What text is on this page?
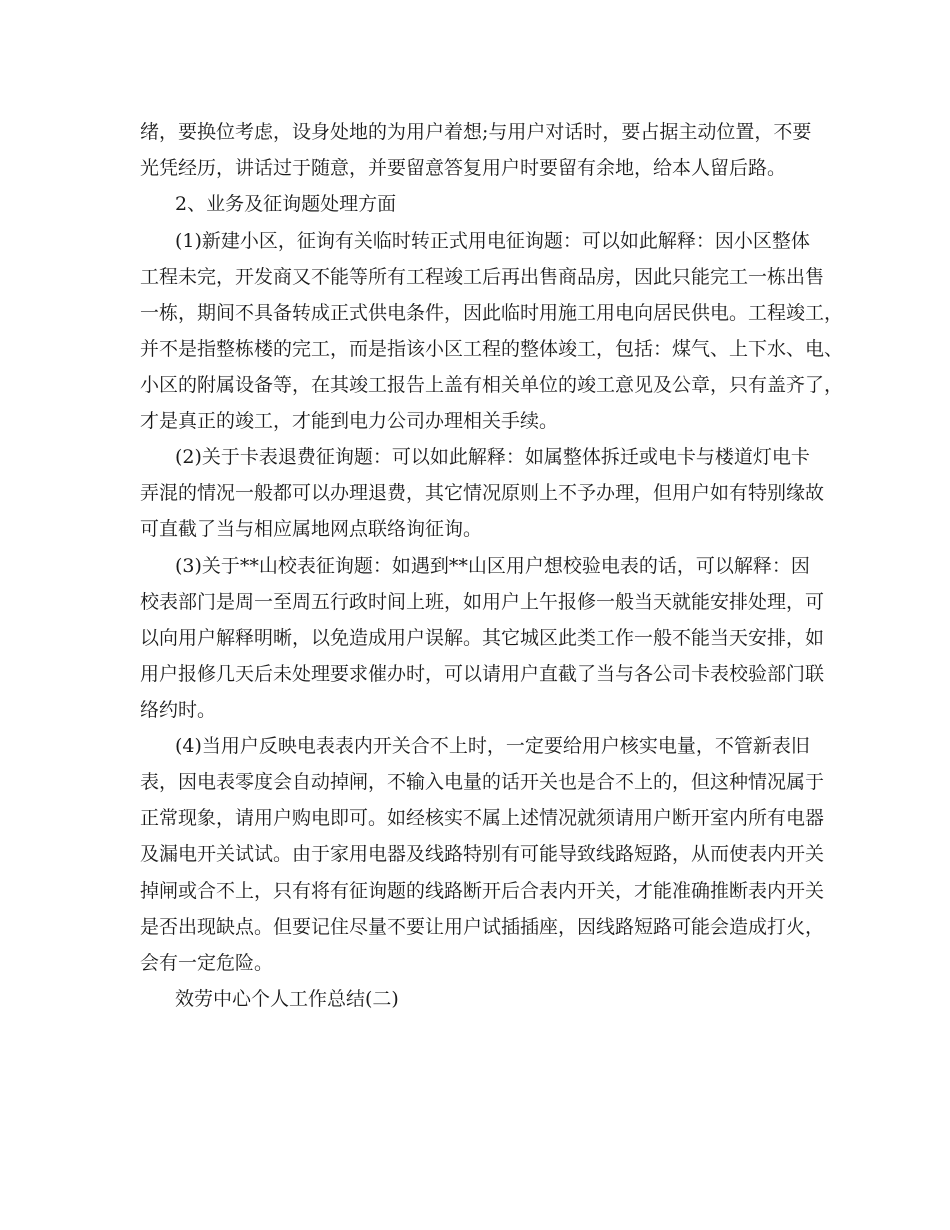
绪，要换位考虑，设身处地的为用户着想;与用户对话时，要占据主动位置，不要
光凭经历，讲话过于随意，并要留意答复用户时要留有余地，给本人留后路。
2、业务及征询题处理方面
(1)新建小区，征询有关临时转正式用电征询题：可以如此解释：因小区整体
工程未完，开发商又不能等所有工程竣工后再出售商品房，因此只能完工一栋出售
一栋，期间不具备转成正式供电条件，因此临时用施工用电向居民供电。工程竣工，
并不是指整栋楼的完工，而是指该小区工程的整体竣工，包括：煤气、上下水、电、
小区的附属设备等，在其竣工报告上盖有相关单位的竣工意见及公章，只有盖齐了，
才是真正的竣工，才能到电力公司办理相关手续。
(2)关于卡表退费征询题：可以如此解释：如属整体拆迁或电卡与楼道灯电卡
弄混的情况一般都可以办理退费，其它情况原则上不予办理，但用户如有特别缘故
可直截了当与相应属地网点联络询征询。
(3)关于**山校表征询题：如遇到**山区用户想校验电表的话，可以解释：因
校表部门是周一至周五行政时间上班，如用户上午报修一般当天就能安排处理，可
以向用户解释明晰，以免造成用户误解。其它城区此类工作一般不能当天安排，如
用户报修几天后未处理要求催办时，可以请用户直截了当与各公司卡表校验部门联
络约时。
(4)当用户反映电表表内开关合不上时，一定要给用户核实电量，不管新表旧
表，因电表零度会自动掉闸，不输入电量的话开关也是合不上的，但这种情况属于
正常现象，请用户购电即可。如经核实不属上述情况就须请用户断开室内所有电器
及漏电开关试试。由于家用电器及线路特别有可能导致线路短路，从而使表内开关
掉闸或合不上，只有将有征询题的线路断开后合表内开关，才能准确推断表内开关
是否出现缺点。但要记住尽量不要让用户试插插座，因线路短路可能会造成打火，
会有一定危险。
效劳中心个人工作总结(二)
